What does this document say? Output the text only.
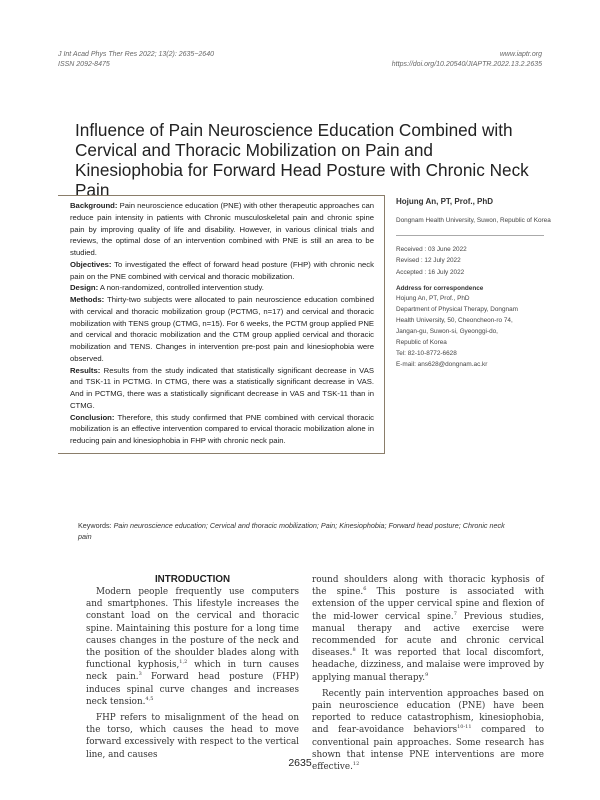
J Int Acad Phys Ther Res 2022; 13(2): 2635~2640
ISSN 2092-8475
www.iaptr.org
https://doi.org/10.20540/JIAPTR.2022.13.2.2635
Influence of Pain Neuroscience Education Combined with Cervical and Thoracic Mobilization on Pain and Kinesiophobia for Forward Head Posture with Chronic Neck Pain

Background: Pain neuroscience education (PNE) with other therapeutic approaches can reduce pain intensity in patients with Chronic musculoskeletal pain and chronic spine pain by improving quality of life and disability. However, in various clinical trials and reviews, the optimal dose of an intervention combined with PNE is still an area to be studied.

Objectives: To investigated the effect of forward head posture (FHP) with chronic neck pain on the PNE combined with cervical and thoracic mobilization.

Design: A non-randomized, controlled intervention study.

Methods: Thirty-two subjects were allocated to pain neuroscience education combined with cervical and thoracic mobilization group (PCTMG, n=17) and cervical and thoracic mobilization with TENS group (CTMG, n=15). For 6 weeks, the PCTM group applied PNE and cervical and thoracic mobilization and the CTM group applied cervical and thoracic mobilization and TENS. Changes in intervention pre-post pain and kinesiophobia were observed.

Results: Results from the study indicated that statistically significant decrease in VAS and TSK-11 in PCTMG. In CTMG, there was a statistically significant decrease in VAS. And in PCTMG, there was a statistically significant decrease in VAS and TSK-11 than in CTMG.

Conclusion: Therefore, this study confirmed that PNE combined with cervical thoracic mobilization is an effective intervention compared to ervical thoracic mobilization alone in reducing pain and kinesiophobia in FHP with chronic neck pain.

Hojung An, PT, Prof., PhD
Dongnam Health University, Suwon, Republic of Korea
Received : 03 June 2022
Revised : 12 July 2022
Accepted : 16 July 2022
Address for correspondence
Hojung An, PT, Prof., PhD
Department of Physical Therapy, Dongnam
Health University, 50, Cheoncheon-ro 74,
Jangan-gu, Suwon-si, Gyeonggi-do,
Republic of Korea
Tel: 82-10-8772-6628
E-mail: ans628@dongnam.ac.kr
Keywords: Pain neuroscience education; Cervical and thoracic mobilization; Pain; Kinesiophobia; Forward head posture; Chronic neck pain
INTRODUCTION

Modern people frequently use computers and smartphones. This lifestyle increases the constant load on the cervical and thoracic spine. Maintaining this posture for a long time causes changes in the posture of the neck and the position of the shoulder blades along with functional kyphosis,$^{1,2}$ which in turn causes neck pain.$^3$ Forward head posture (FHP) induces spinal curve changes and increases neck tension.$^{4,5}$

FHP refers to misalignment of the head on the torso, which causes the head to move forward excessively with respect to the vertical line, and causes

round shoulders along with thoracic kyphosis of the spine.$^6$ This posture is associated with extension of the upper cervical spine and flexion of the mid-lower cervical spine.$^7$ Previous studies, manual therapy and active exercise were recommended for acute and chronic cervical diseases.$^8$ It was reported that local discomfort, headache, dizziness, and malaise were improved by applying manual therapy.$^9$

Recently pain intervention approaches based on pain neuroscience education (PNE) have been reported to reduce catastrophism, kinesiophobia, and fear-avoidance behaviors$^{10-11}$ compared to conventional pain approaches. Some research has shown that intense PNE interventions are more effective.$^{12}$

2635
